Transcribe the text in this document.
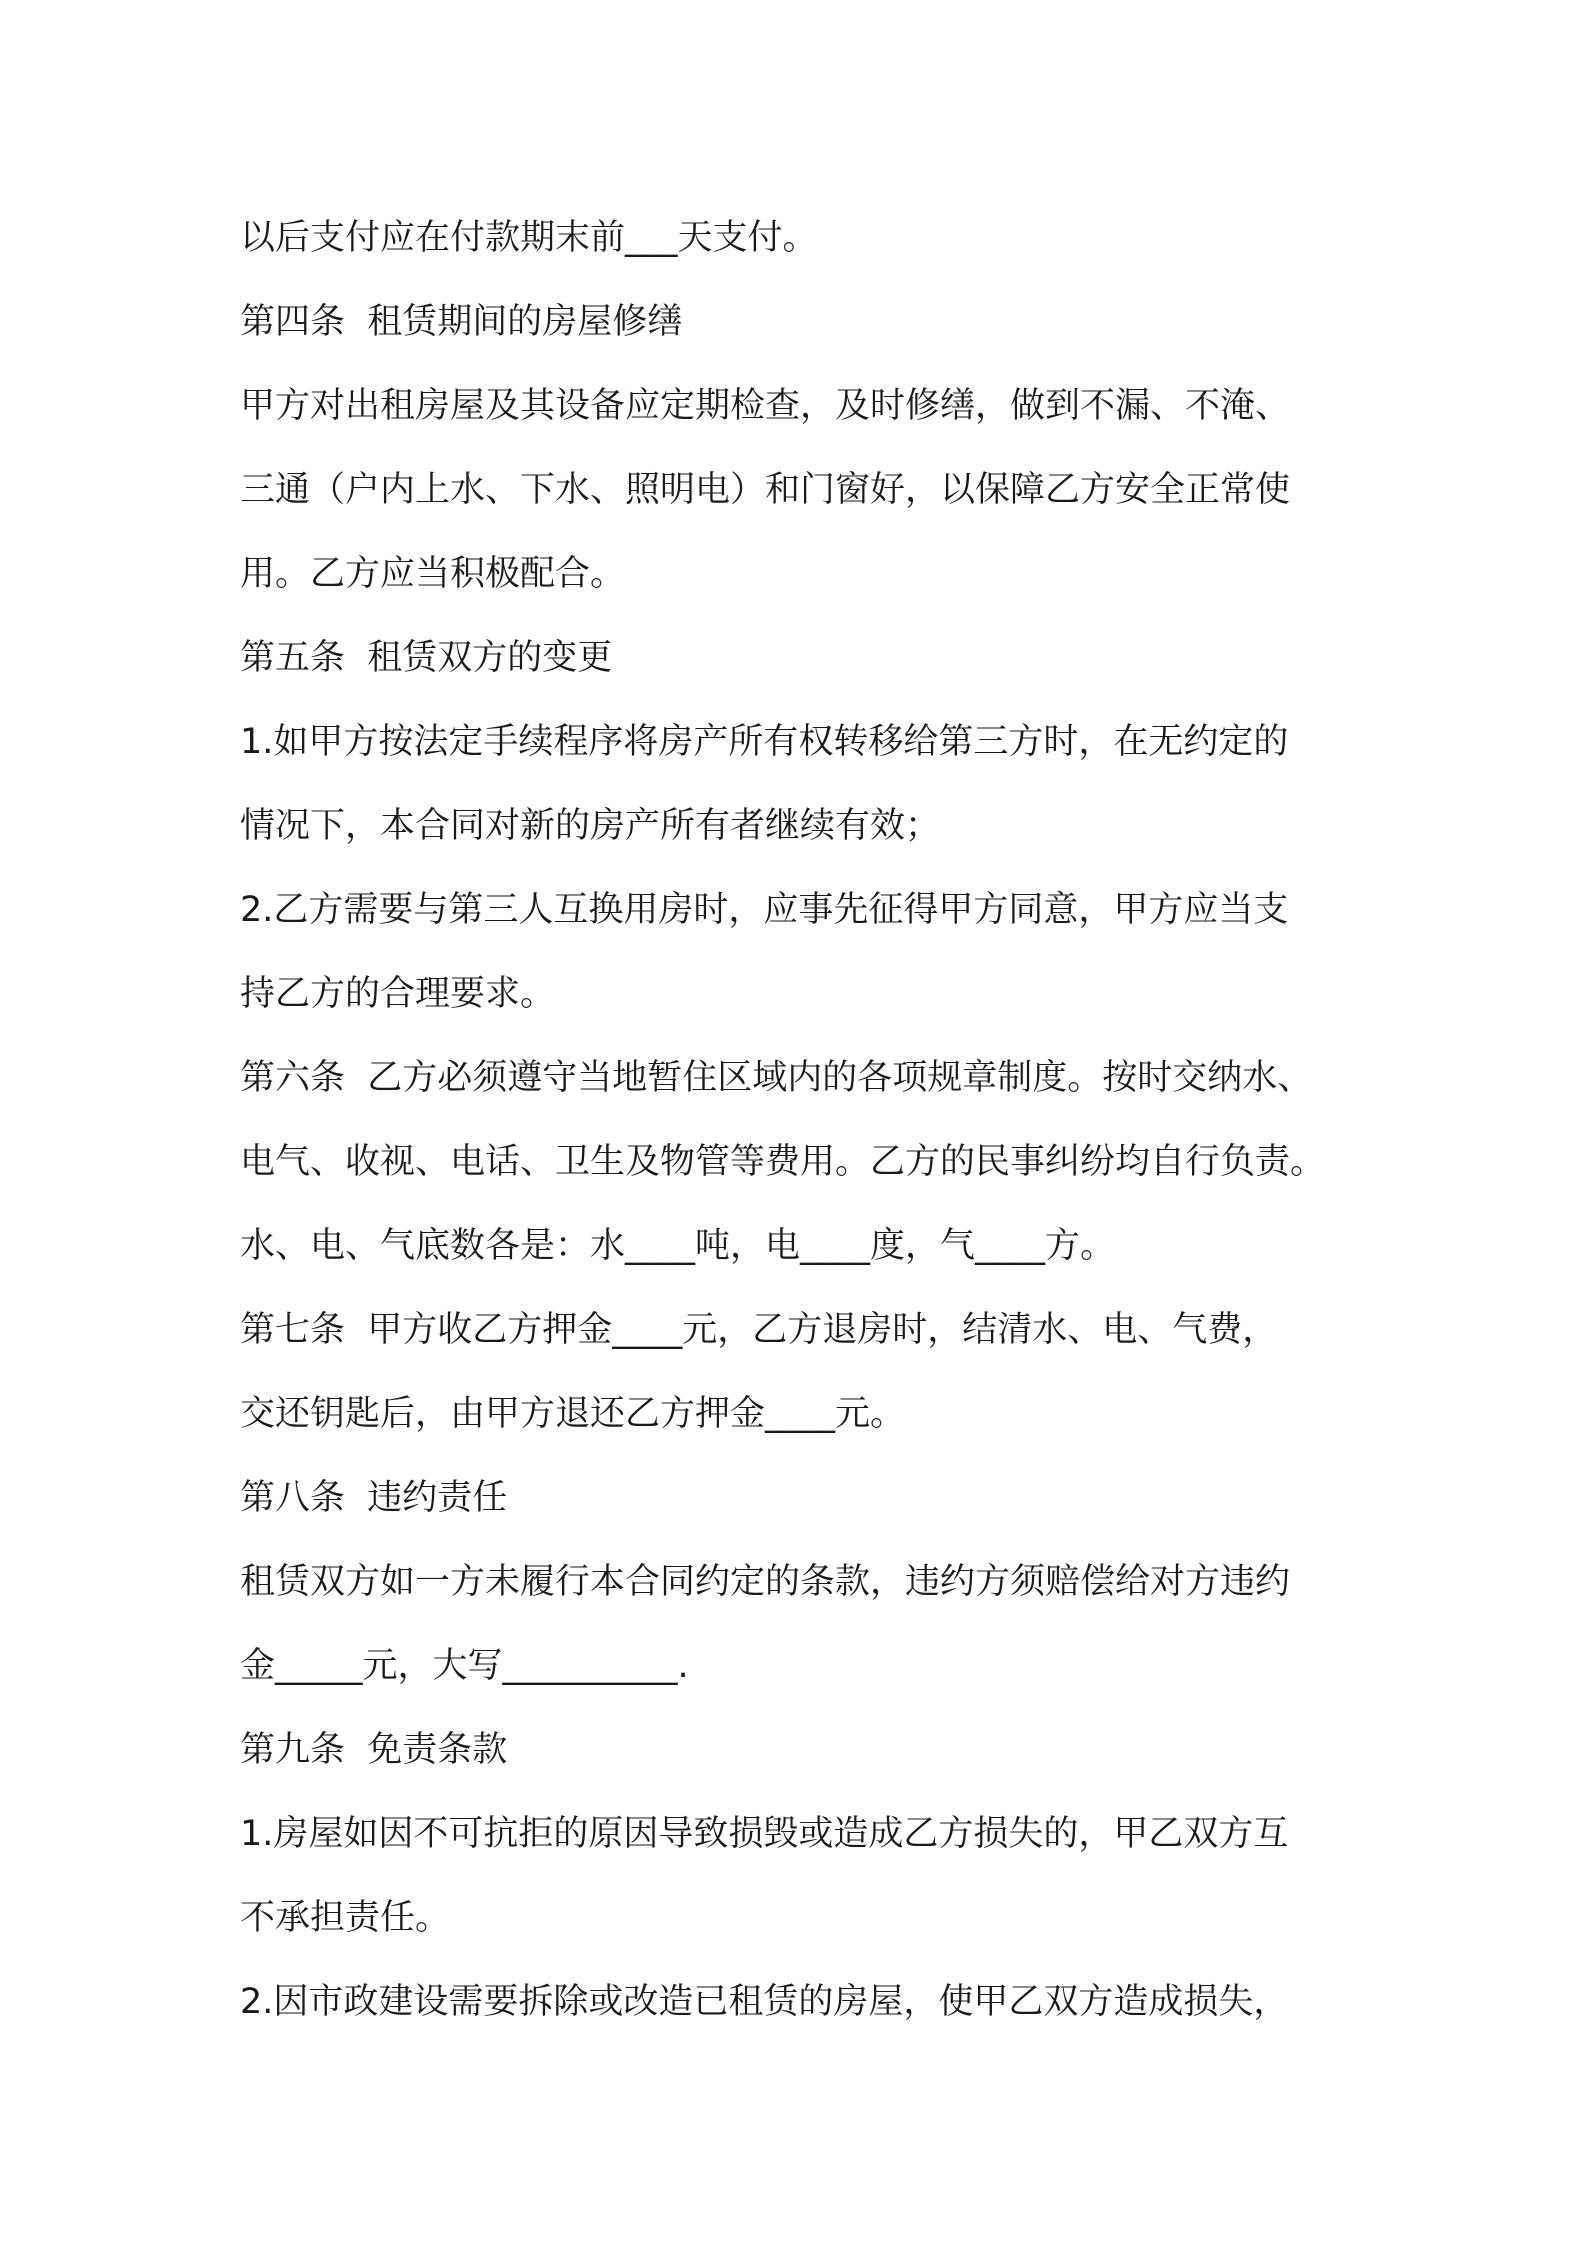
以后支付应在付款期末前___天支付。
第四条  租赁期间的房屋修缮
甲方对出租房屋及其设备应定期检查，及时修缮，做到不漏、不淹、
三通（户内上水、下水、照明电）和门窗好，以保障乙方安全正常使
用。乙方应当积极配合。
第五条  租赁双方的变更
1.如甲方按法定手续程序将房产所有权转移给第三方时，在无约定的
情况下，本合同对新的房产所有者继续有效；
2.乙方需要与第三人互换用房时，应事先征得甲方同意，甲方应当支
持乙方的合理要求。
第六条  乙方必须遵守当地暂住区域内的各项规章制度。按时交纳水、
电气、收视、电话、卫生及物管等费用。乙方的民事纠纷均自行负责。
水、电、气底数各是：水____吨，电____度，气____方。
第七条  甲方收乙方押金____元，乙方退房时，结清水、电、气费，
交还钥匙后，由甲方退还乙方押金____元。
第八条  违约责任
租赁双方如一方未履行本合同约定的条款，违约方须赔偿给对方违约
金_____元，大写__________.
第九条  免责条款
1.房屋如因不可抗拒的原因导致损毁或造成乙方损失的，甲乙双方互
不承担责任。
2.因市政建设需要拆除或改造已租赁的房屋，使甲乙双方造成损失，
